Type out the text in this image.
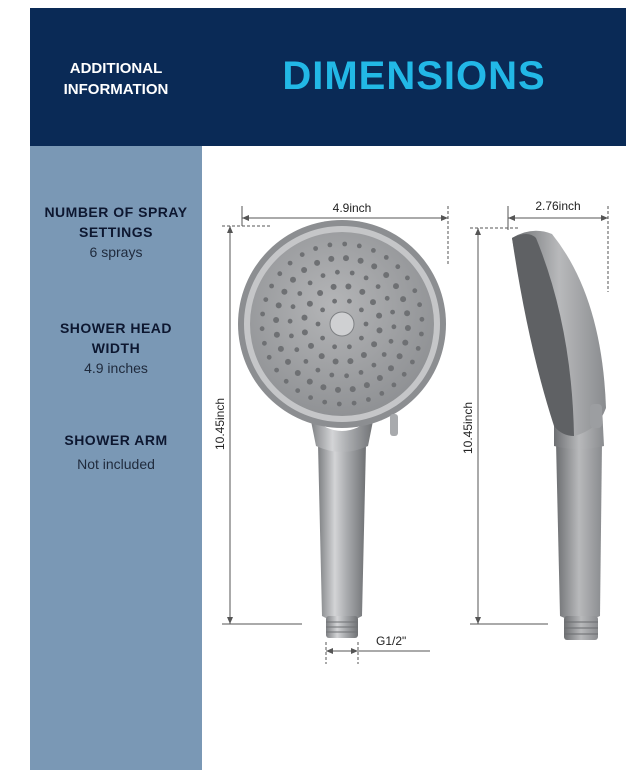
ADDITIONAL
INFORMATION	DIMENSIONS
NUMBER OF SPRAY
SETTINGS
6 sprays
SHOWER HEAD
WIDTH
4.9 inches
SHOWER ARM
Not included
4.9inch
10.45inch
G1/2"
2.76inch
10.45inch
